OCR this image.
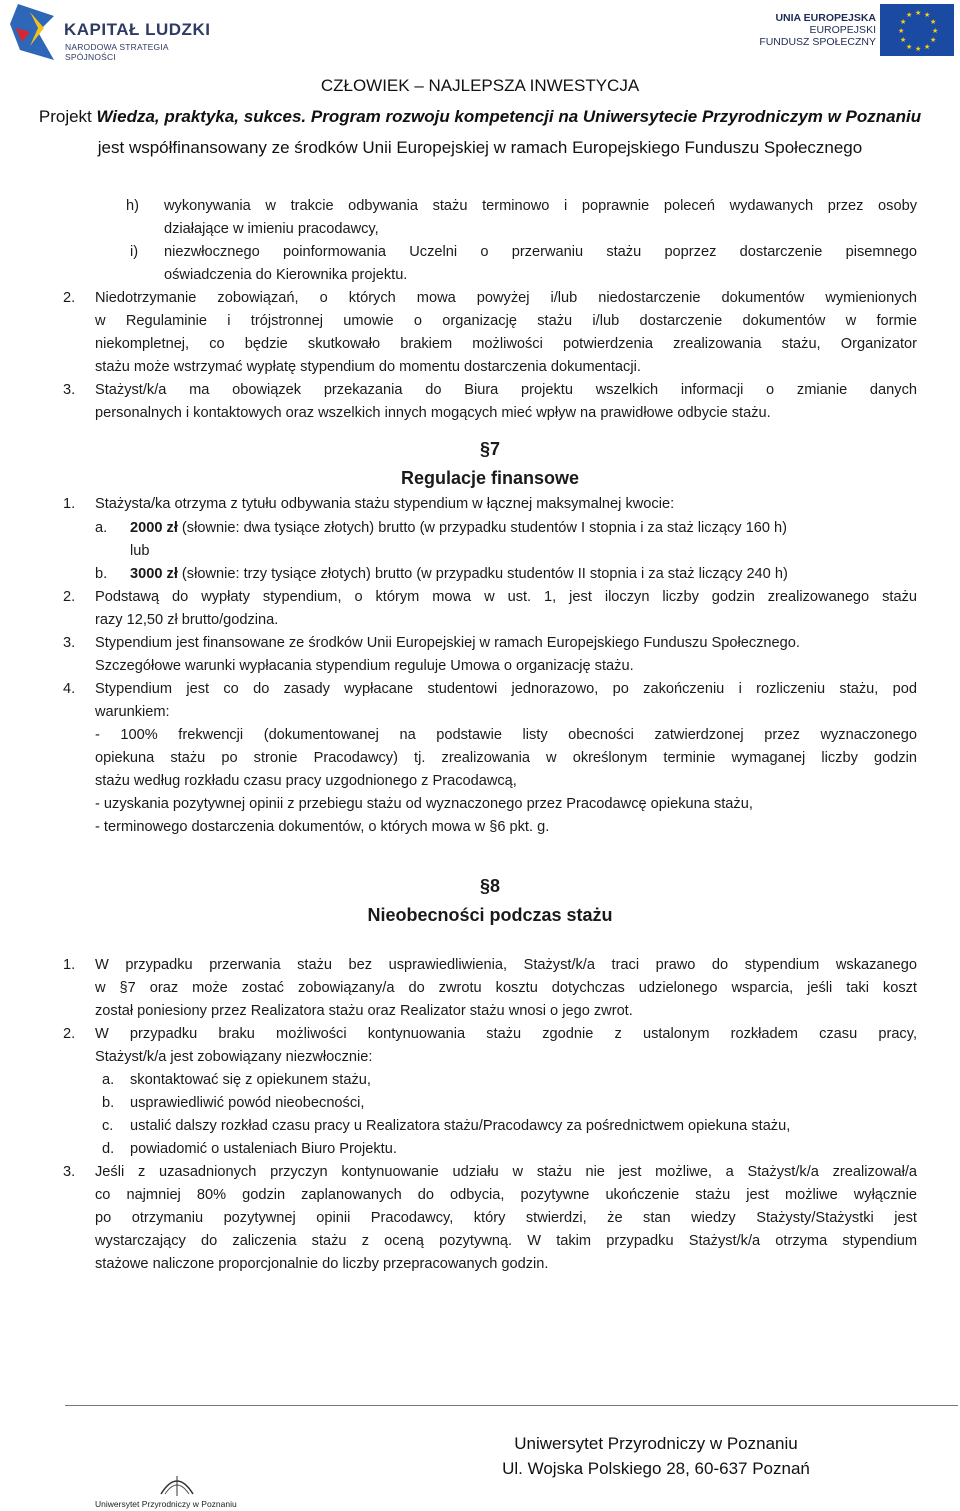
KAPITAŁ LUDZKI
NARODOWA STRATEGIA SPÓJNOŚCI
UNIA EUROPEJSKA
EUROPEJSKI
FUNDUSZ SPOŁECZNY
★ ★
★
★
★
★
★
★
★
★
★
★
CZŁOWIEK – NAJLEPSZA INWESTYCJA
Projekt Wiedza, praktyka, sukces. Program rozwoju kompetencji na Uniwersytecie Przyrodniczym w Poznaniu
jest współfinansowany ze środków Unii Europejskiej w ramach Europejskiego Funduszu Społecznego
h) wykonywania w trakcie odbywania stażu terminowo i poprawnie poleceń wydawanych przez osoby
działające w imieniu pracodawcy,
i) niezwłocznego poinformowania Uczelni o przerwaniu stażu poprzez dostarczenie pisemnego
oświadczenia do Kierownika projektu.
2. Niedotrzymanie zobowiązań, o których mowa powyżej i/lub niedostarczenie dokumentów wymienionych
w Regulaminie i trójstronnej umowie o organizację stażu i/lub dostarczenie dokumentów w formie
niekompletnej, co będzie skutkowało brakiem możliwości potwierdzenia zrealizowania stażu, Organizator
stażu może wstrzymać wypłatę stypendium do momentu dostarczenia dokumentacji.
3. Stażyst/k/a ma obowiązek przekazania do Biura projektu wszelkich informacji o zmianie danych
personalnych i kontaktowych oraz wszelkich innych mogących mieć wpływ na prawidłowe odbycie stażu.
§7
Regulacje finansowe
1. Stażysta/ka otrzyma z tytułu odbywania stażu stypendium w łącznej maksymalnej kwocie:
a. 2000 zł (słownie: dwa tysiące złotych) brutto (w przypadku studentów I stopnia i za staż liczący 160 h)
lub
b. 3000 zł (słownie: trzy tysiące złotych) brutto (w przypadku studentów II stopnia i za staż liczący 240 h)
2. Podstawą do wypłaty stypendium, o którym mowa w ust. 1, jest iloczyn liczby godzin zrealizowanego stażu
razy 12,50 zł brutto/godzina.
3. Stypendium jest finansowane ze środków Unii Europejskiej w ramach Europejskiego Funduszu Społecznego.
Szczegółowe warunki wypłacania stypendium reguluje Umowa o organizację stażu.
4. Stypendium jest co do zasady wypłacane studentowi jednorazowo, po zakończeniu i rozliczeniu stażu, pod
warunkiem:
- 100% frekwencji (dokumentowanej na podstawie listy obecności zatwierdzonej przez wyznaczonego
opiekuna stażu po stronie Pracodawcy) tj. zrealizowania w określonym terminie wymaganej liczby godzin
stażu według rozkładu czasu pracy uzgodnionego z Pracodawcą,
- uzyskania pozytywnej opinii z przebiegu stażu od wyznaczonego przez Pracodawcę opiekuna stażu,
- terminowego dostarczenia dokumentów, o których mowa w §6 pkt. g.
§8
Nieobecności podczas stażu
1. W przypadku przerwania stażu bez usprawiedliwienia, Stażyst/k/a traci prawo do stypendium wskazanego
w §7 oraz może zostać zobowiązany/a do zwrotu kosztu dotychczas udzielonego wsparcia, jeśli taki koszt
został poniesiony przez Realizatora stażu oraz Realizator stażu wnosi o jego zwrot.
2. W przypadku braku możliwości kontynuowania stażu zgodnie z ustalonym rozkładem czasu pracy,
Stażyst/k/a jest zobowiązany niezwłocznie:
a. skontaktować się z opiekunem stażu,
b. usprawiedliwić powód nieobecności,
c. ustalić dalszy rozkład czasu pracy u Realizatora stażu/Pracodawcy za pośrednictwem opiekuna stażu,
d. powiadomić o ustaleniach Biuro Projektu.
3. Jeśli z uzasadnionych przyczyn kontynuowanie udziału w stażu nie jest możliwe, a Stażyst/k/a zrealizował/a
co najmniej 80% godzin zaplanowanych do odbycia, pozytywne ukończenie stażu jest możliwe wyłącznie
po otrzymaniu pozytywnej opinii Pracodawcy, który stwierdzi, że stan wiedzy Stażysty/Stażystki jest
wystarczający do zaliczenia stażu z oceną pozytywną. W takim przypadku Stażyst/k/a otrzyma stypendium
stażowe naliczone proporcjonalnie do liczby przepracowanych godzin.
Uniwersytet Przyrodniczy w Poznaniu
Ul. Wojska Polskiego 28, 60-637 Poznań
Uniwersytet Przyrodniczy w Poznaniu
